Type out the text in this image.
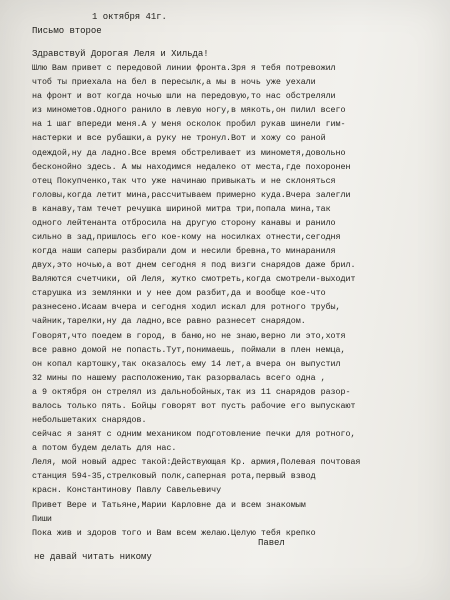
1 октября 41г.
Письмо второе
Здравствуй Дорогая Леля и Хильда!
Шлю Вам привет с передовой линии фронта.Зря я тебя потревожил
чтоб ты приехала на бел в пересылк,а мы в ночь уже уехали
на фронт и вот когда ночью шли на передовую,то нас обстреляли
из минометов.Одного ранило в левую ногу,в мякоть,он пилил всего
на 1 шаг впереди меня.А у меня осколок пробил рукав шинели гим-
настерки и все рубашки,а руку не тронул.Вот и хожу со раной
одеждой,ну да ладно.Все время обстреливает из минометя,довольно
бесконойно здесь. А мы находимся недалеко от места,где похоронен
отец Покупченко,так что уже начинаю привыкать и не склоняться
головы,когда летит мина,рассчитываем примерно куда.Вчера залегли
в канаву,там течет речушка шириной митра три,попала мина,так
одного лейтенанта отбросила на другую сторону канавы и ранило
сильно в зад,пришлось его кое-кому на носилках отнести,сегодня
когда наши саперы разбирали дом и несили бревна,то минараниля
двух,это ночью,а вот днем сегодня я под визги снарядов даже брил.
Валяются счетчики, ой Леля, жутко смотреть,когда смотрели-выходит
старушка из землянки и у нее дом разбит,да и вообще кое-что
разнесено.Исаам вчера и сегодня ходил искал для ротного трубы,
чайник,тарелки,ну да ладно,все равно разнесет снарядом.
Говорят,что поедем в город, в баню,но не знаю,верно ли это,хотя
все равно домой не попасть.Тут,понимаешь, поймали в плен немца,
он копал картошку,так оказалось ему 14 лет,а вчера он выпустил
32 мины по нашему расположению,так разорвалась всего одна ,
а 9 октября он стрелял из дальнобойных,так из 11 снарядов разор-
валось только пять. Бойцы говорят вот пусть рабочие его выпускают
небольшетаких снарядов.
сейчас я занят с одним механиком подготовление печки для ротного,
а потом будем делать для нас.
Леля, мой новый адрес такой:Действующая Кр. армия,Полевая почтовая
станция 594-35,стрелковый полк,саперная рота,первый взвод
красн. Константинову Павлу Савельевичу
Привет Вере и Татьяне,Марии Карловне да и всем знакомым
Пиши
Пока жив и здоров того и Вам всем желаю.Целую тебя крепко
Павел
не давай читать никому
